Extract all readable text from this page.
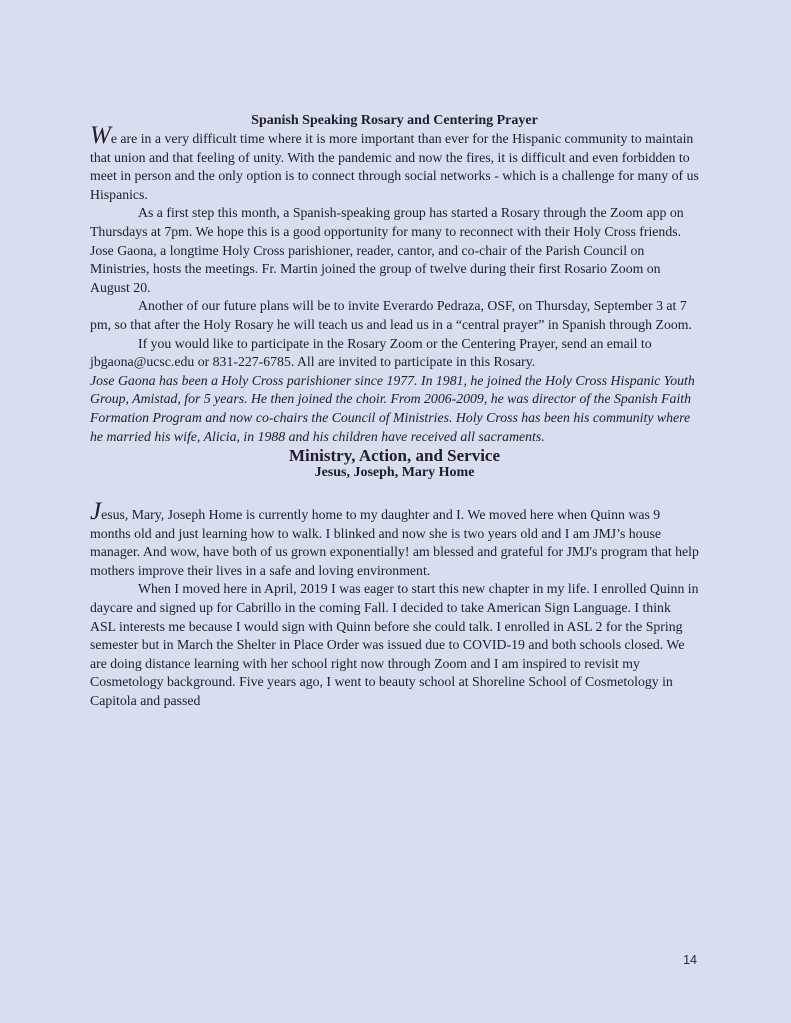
Spanish Speaking Rosary and Centering Prayer

We are in a very difficult time where it is more important than ever for the Hispanic community to maintain that union and that feeling of unity. With the pandemic and now the fires, it is difficult and even forbidden to meet in person and the only option is to connect through social networks - which is a challenge for many of us Hispanics.

As a first step this month, a Spanish-speaking group has started a Rosary through the Zoom app on Thursdays at 7pm. We hope this is a good opportunity for many to reconnect with their Holy Cross friends. Jose Gaona, a longtime Holy Cross parishioner, reader, cantor, and co-chair of the Parish Council on Ministries, hosts the meetings. Fr. Martin joined the group of twelve during their first Rosario Zoom on August 20.

Another of our future plans will be to invite Everardo Pedraza, OSF, on Thursday, September 3 at 7 pm, so that after the Holy Rosary he will teach us and lead us in a “central prayer” in Spanish through Zoom.

If you would like to participate in the Rosary Zoom or the Centering Prayer, send an email to jbgaona@ucsc.edu or 831-227-6785. All are invited to participate in this Rosary.

Jose Gaona has been a Holy Cross parishioner since 1977. In 1981, he joined the Holy Cross Hispanic Youth Group, Amistad, for 5 years. He then joined the choir. From 2006-2009, he was director of the Spanish Faith Formation Program and now co-chairs the Council of Ministries. Holy Cross has been his community where he married his wife, Alicia, in 1988 and his children have received all sacraments.

Ministry, Action, and Service
Jesus, Joseph, Mary Home

Jesus, Mary, Joseph Home is currently home to my daughter and I. We moved here when Quinn was 9 months old and just learning how to walk. I blinked and now she is two years old and I am JMJ’s house manager. And wow, have both of us grown exponentially! am blessed and grateful for JMJ's program that help mothers improve their lives in a safe and loving environment.

When I moved here in April, 2019 I was eager to start this new chapter in my life. I enrolled Quinn in daycare and signed up for Cabrillo in the coming Fall. I decided to take American Sign Language. I think ASL interests me because I would sign with Quinn before she could talk. I enrolled in ASL 2 for the Spring semester but in March the Shelter in Place Order was issued due to COVID-19 and both schools closed. We are doing distance learning with her school right now through Zoom and I am inspired to revisit my Cosmetology background. Five years ago, I went to beauty school at Shoreline School of Cosmetology in Capitola and passed

14
